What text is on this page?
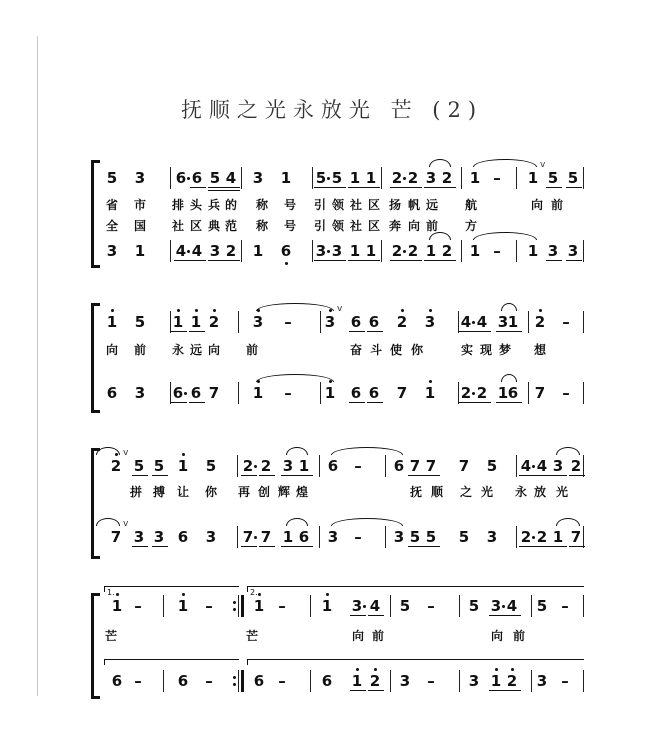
抚顺之光永放光 芒 (2)
5 3 6 6 5 4 3 1 5 5 1 1 2 2 3 2 1 – 1
v
5 5
省 市 排 头 兵 的 称 号 引 领 社 区 扬 帆 远 航	向 前
全 国 社 区 典 范 称 号 引 领 社 区 奔 向 前 方
3 1 4 4 3 2 1 6 3 3 1 1 2 2 1 2 1 – 1 3 3
1 5 1 1 2 3 – 3
v
6 6 2 3 4 4 3 1 2 –
向 前 永 远 向 前	奋 斗 使 你	实 现 梦 想
6 3 6 6 7 1 – 1 6 6 7 1 2 2 1 6 7 –
2
v
5 5 1 5 2 2 3 1 6 – 6 7 7 7 5 4 4 3 2
拼 搏 让 你 再 创 辉 煌	抚 顺 之 光 永 放 光
7
v
3 3 6 3 7 7 1 6 3 – 3 5 5 5 3 2 2 1 7
1.	2.
1 – 1 –	1 – 1 3 4 5 – 5 3 4 5 –
芒	芒	向 前	向 前
6 – 6 –	6 – 6 1 2 3 – 3 1 2 3 –
